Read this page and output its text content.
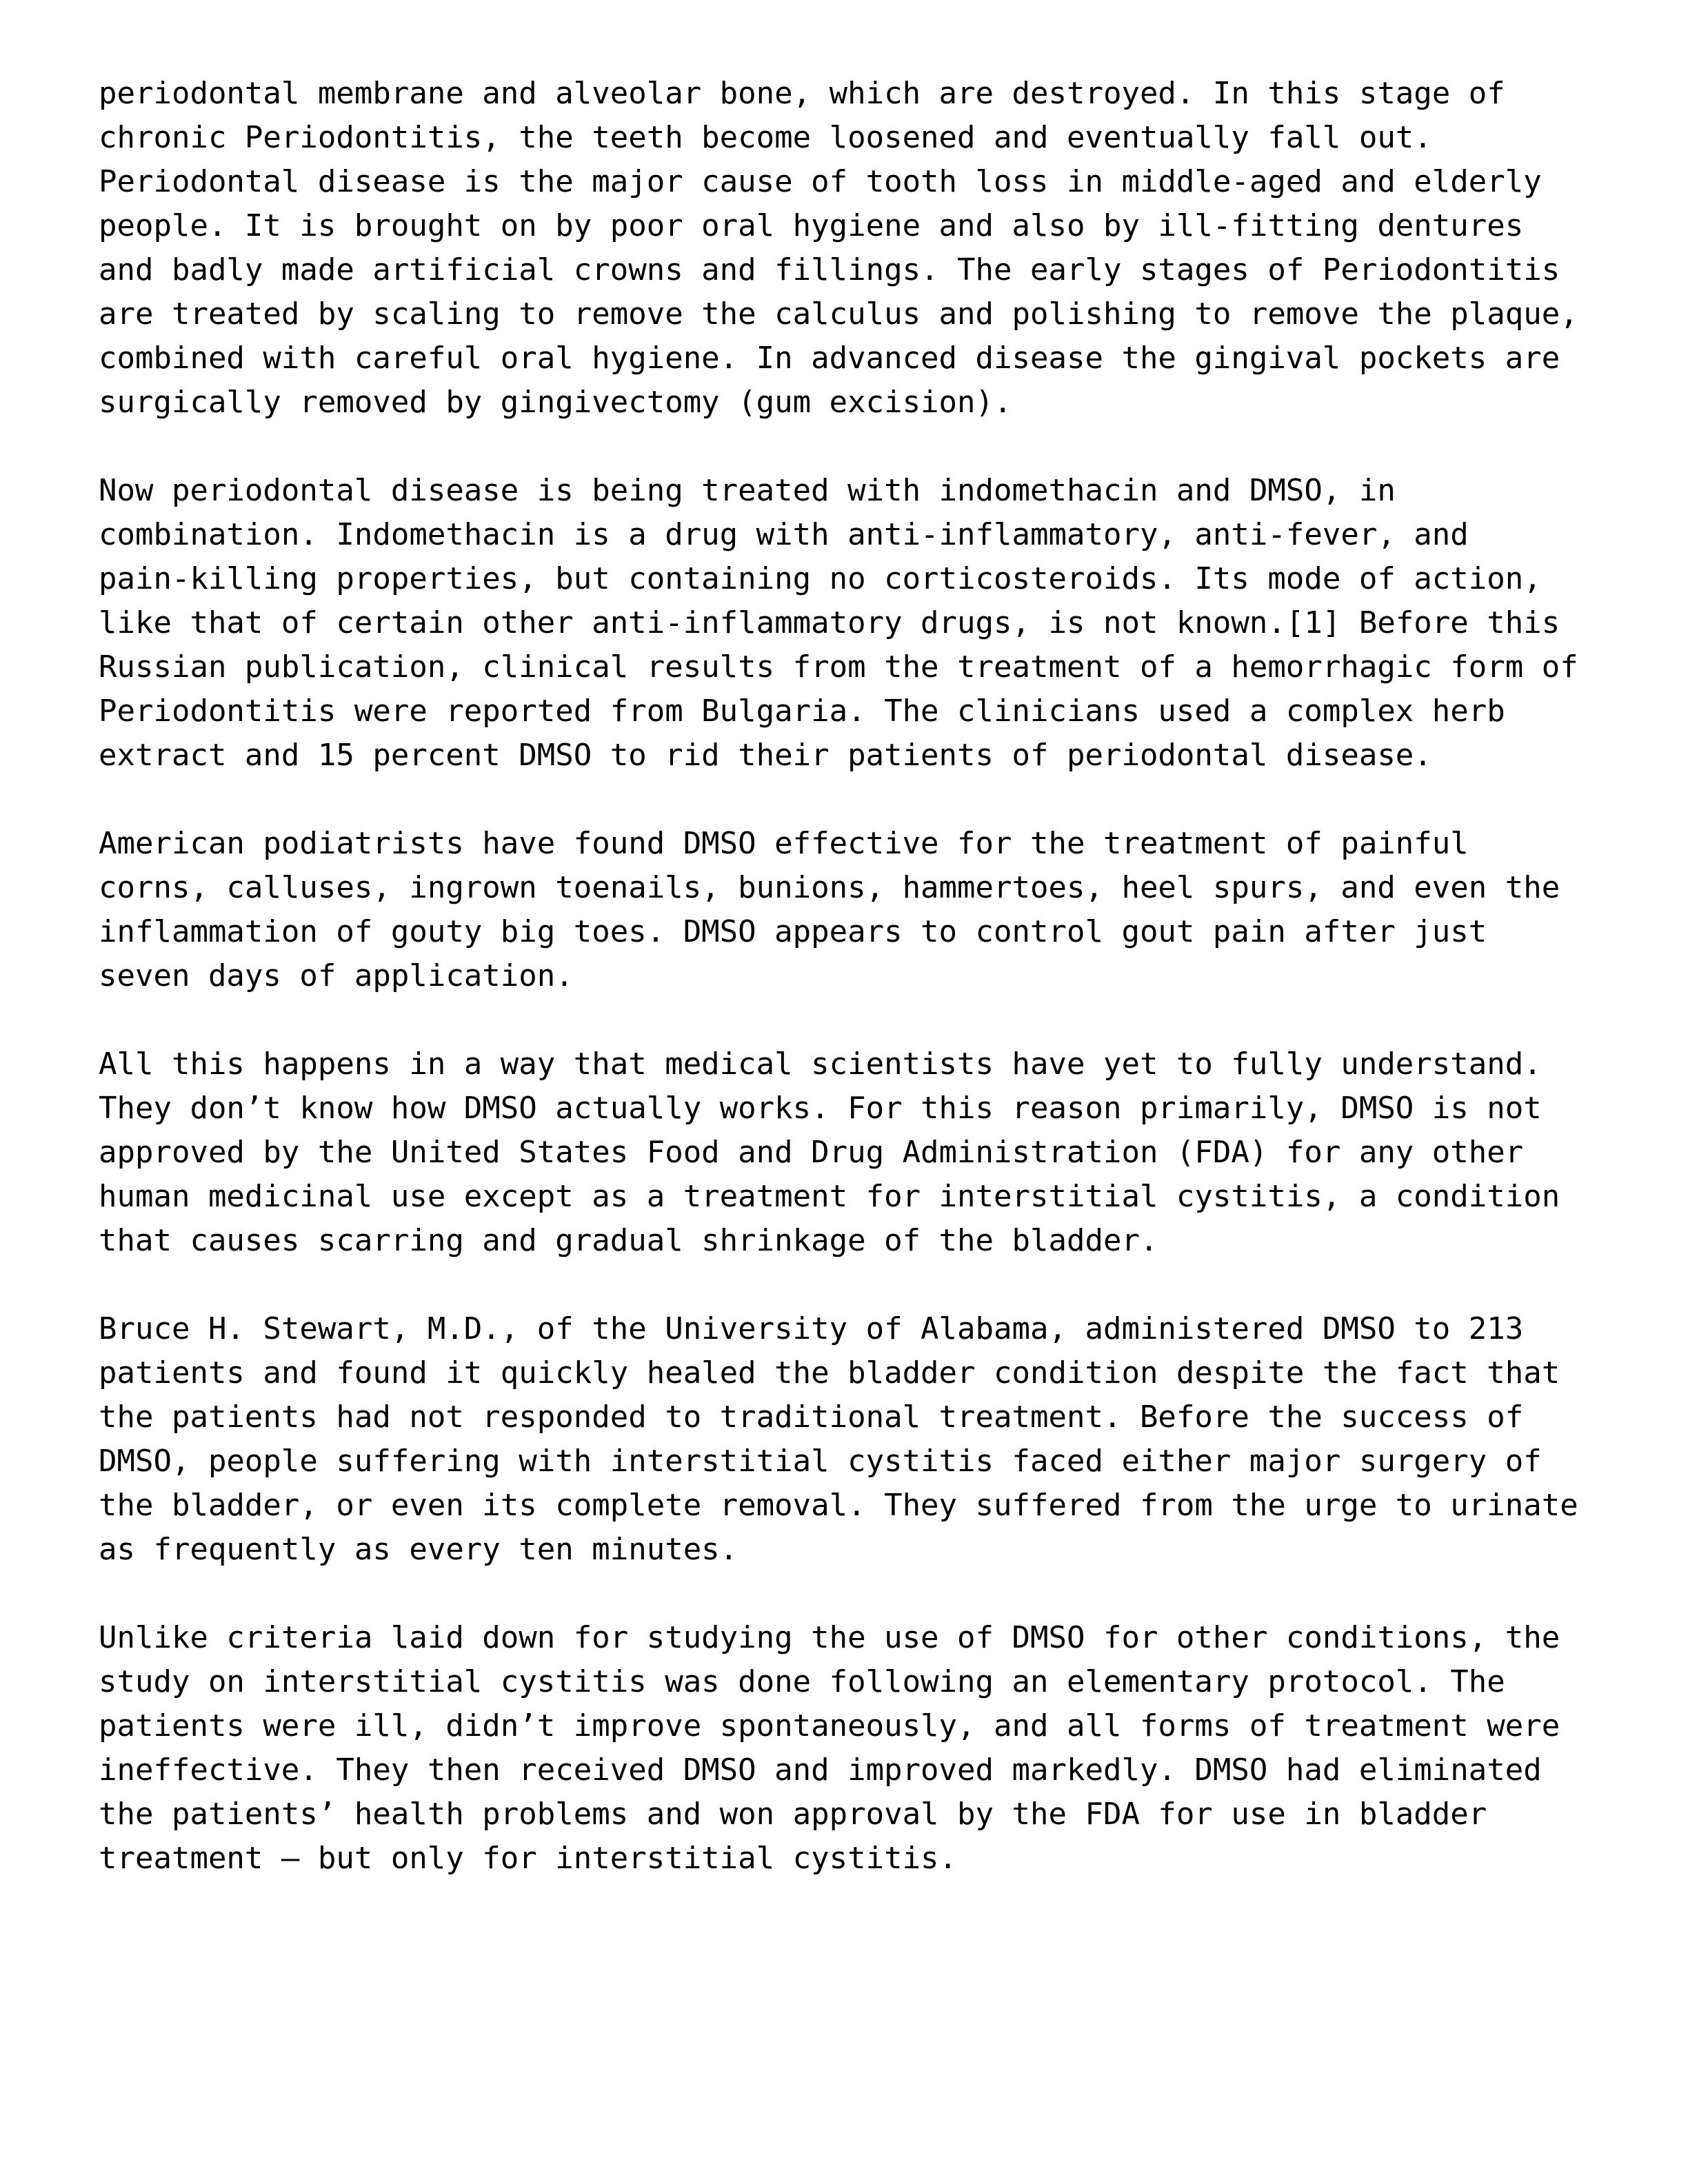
periodontal membrane and alveolar bone, which are destroyed. In this stage of
chronic Periodontitis, the teeth become loosened and eventually fall out.
Periodontal disease is the major cause of tooth loss in middle-aged and elderly
people. It is brought on by poor oral hygiene and also by ill-fitting dentures
and badly made artificial crowns and fillings. The early stages of Periodontitis
are treated by scaling to remove the calculus and polishing to remove the plaque,
combined with careful oral hygiene. In advanced disease the gingival pockets are
surgically removed by gingivectomy (gum excision).
Now periodontal disease is being treated with indomethacin and DMSO, in
combination. Indomethacin is a drug with anti-inflammatory, anti-fever, and
pain-killing properties, but containing no corticosteroids. Its mode of action,
like that of certain other anti-inflammatory drugs, is not known.[1] Before this
Russian publication, clinical results from the treatment of a hemorrhagic form of
Periodontitis were reported from Bulgaria. The clinicians used a complex herb
extract and 15 percent DMSO to rid their patients of periodontal disease.
American podiatrists have found DMSO effective for the treatment of painful
corns, calluses, ingrown toenails, bunions, hammertoes, heel spurs, and even the
inflammation of gouty big toes. DMSO appears to control gout pain after just
seven days of application.
All this happens in a way that medical scientists have yet to fully understand.
They don’t know how DMSO actually works. For this reason primarily, DMSO is not
approved by the United States Food and Drug Administration (FDA) for any other
human medicinal use except as a treatment for interstitial cystitis, a condition
that causes scarring and gradual shrinkage of the bladder.
Bruce H. Stewart, M.D., of the University of Alabama, administered DMSO to 213
patients and found it quickly healed the bladder condition despite the fact that
the patients had not responded to traditional treatment. Before the success of
DMSO, people suffering with interstitial cystitis faced either major surgery of
the bladder, or even its complete removal. They suffered from the urge to urinate
as frequently as every ten minutes.
Unlike criteria laid down for studying the use of DMSO for other conditions, the
study on interstitial cystitis was done following an elementary protocol. The
patients were ill, didn’t improve spontaneously, and all forms of treatment were
ineffective. They then received DMSO and improved markedly. DMSO had eliminated
the patients’ health problems and won approval by the FDA for use in bladder
treatment – but only for interstitial cystitis.
